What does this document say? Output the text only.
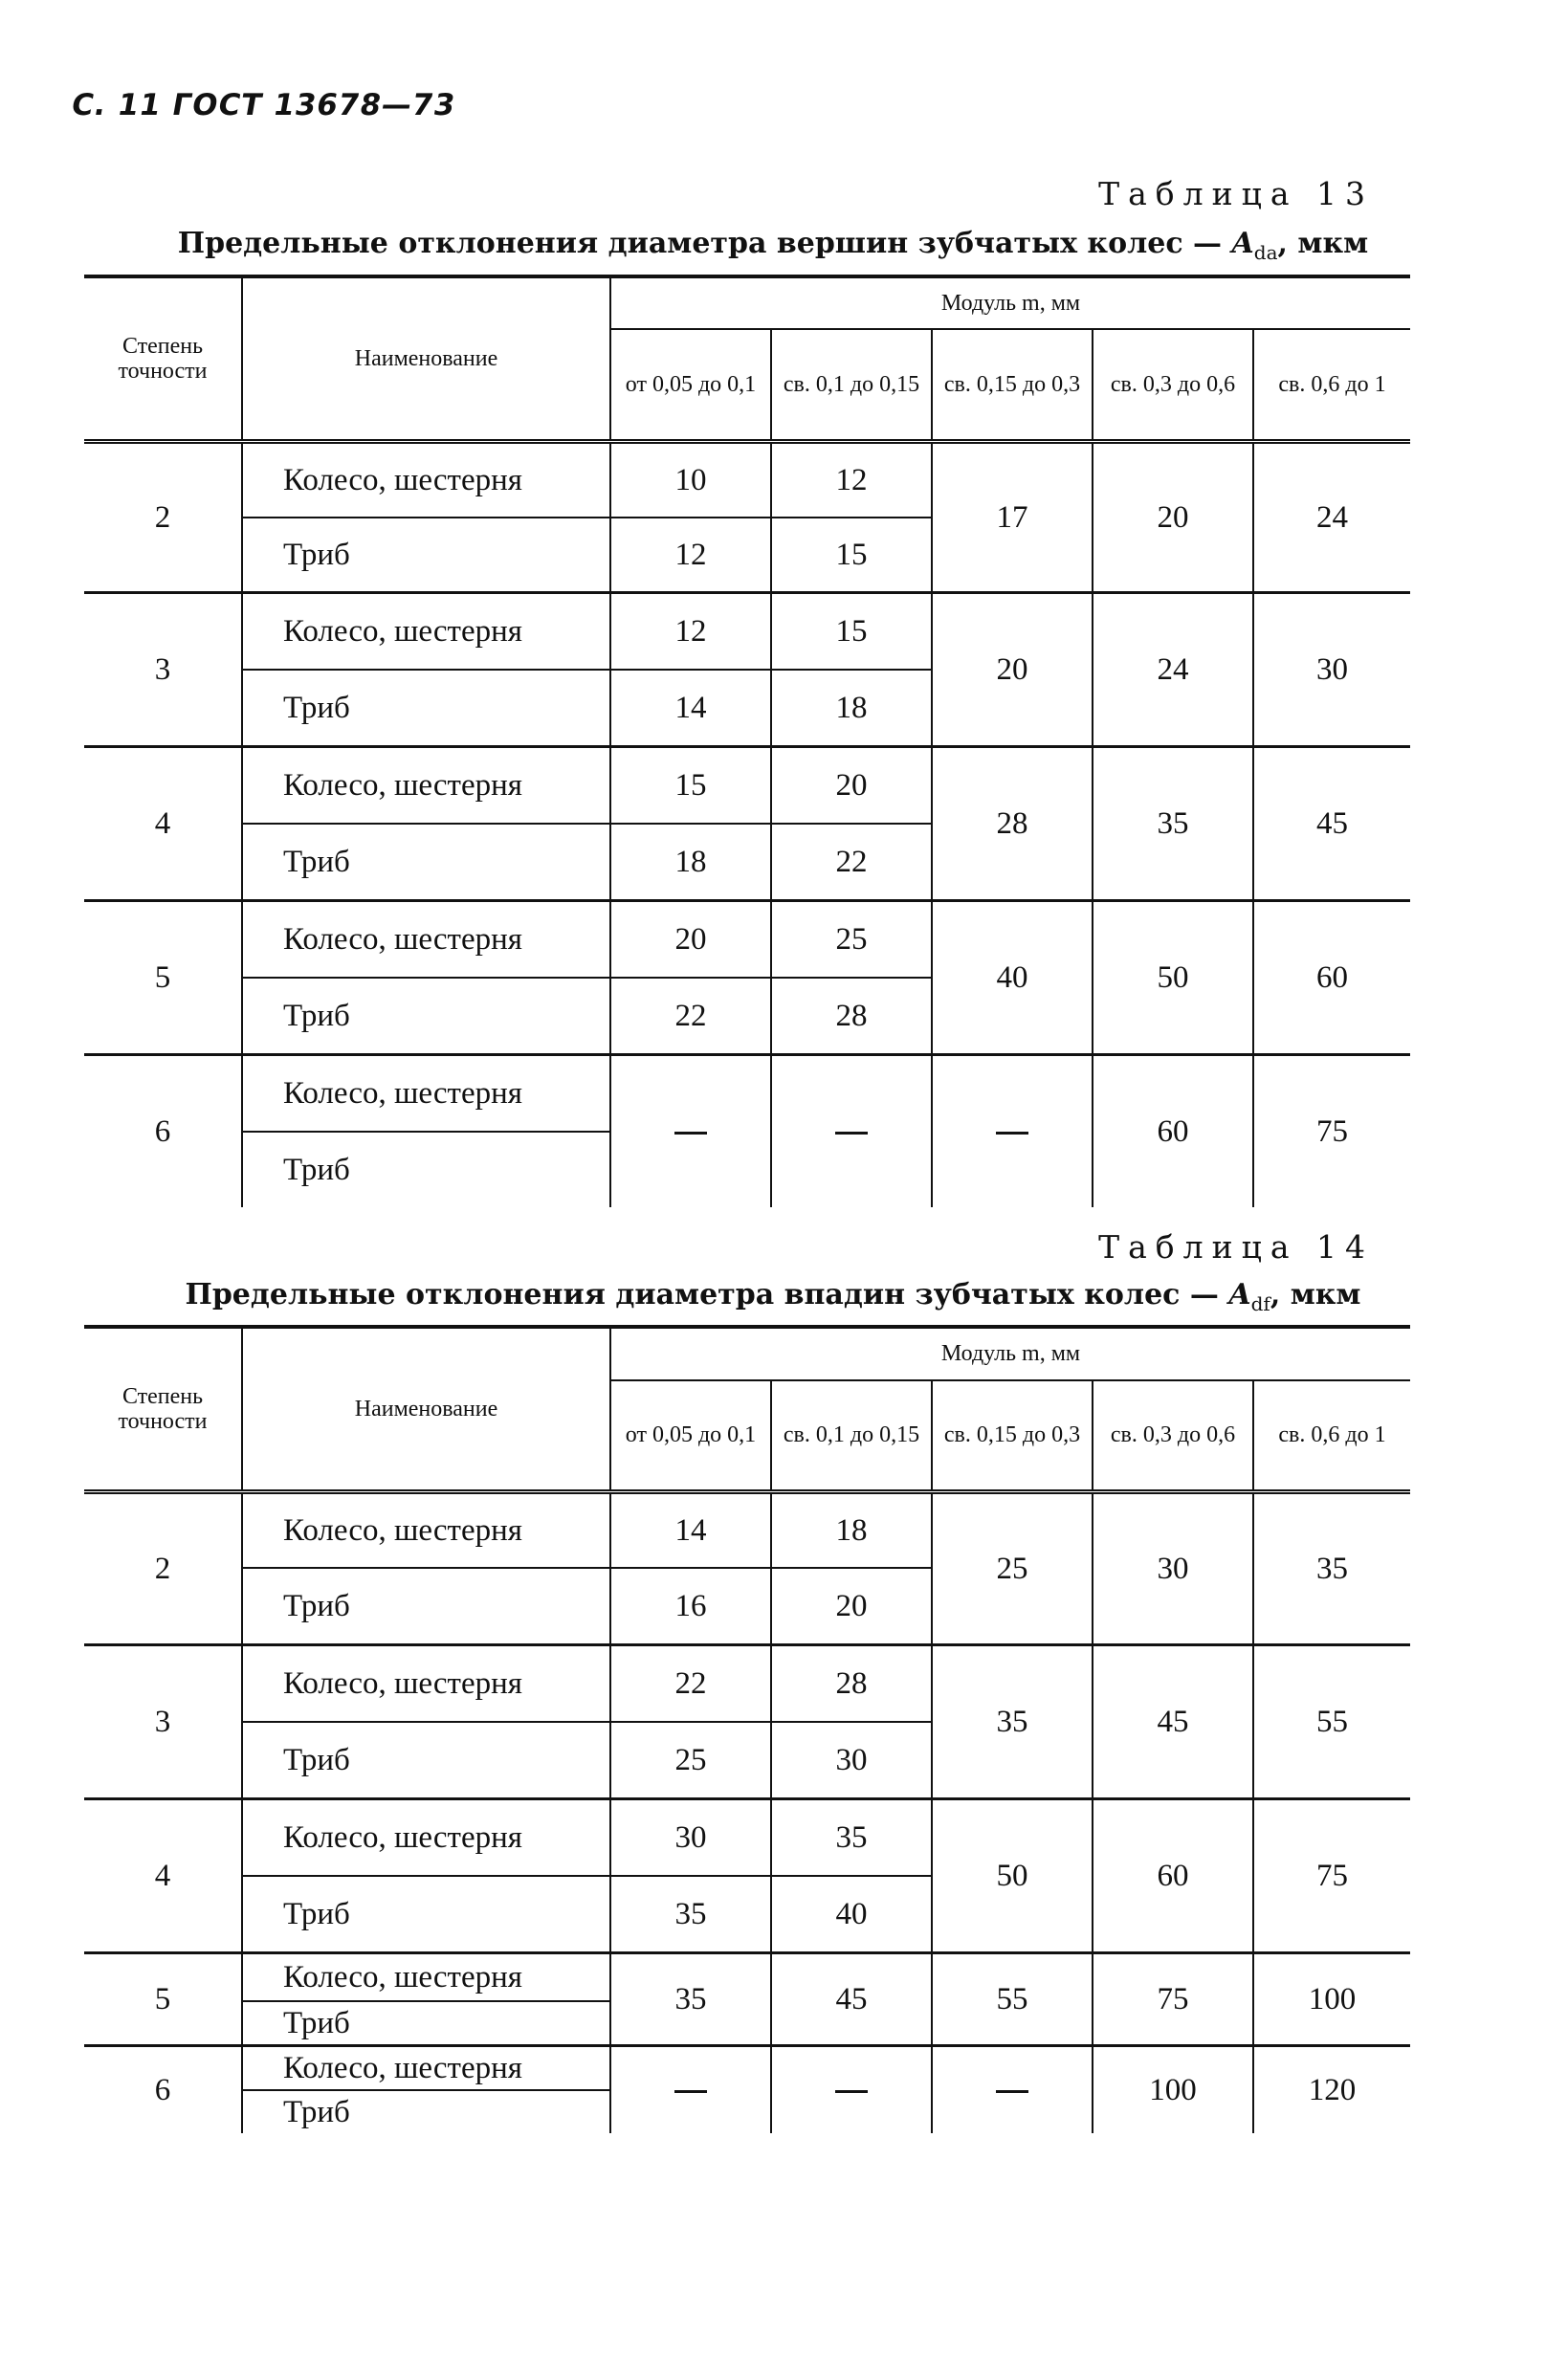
С. 11 ГОСТ 13678—73
Таблица 13
Предельные отклонения диаметра вершин зубчатых колес — $A_{da}$, мкм
Степень точности	Наименование	Модуль m, мм				
		от 0,05 до 0,1	св. 0,1 до 0,15	св. 0,15 до 0,3	св. 0,3 до 0,6	св. 0,6 до 1
2	Колесо, шестерня	10	12	17	20	24
	Триб	12	15			
3	Колесо, шестерня	12	15	20	24	30
	Триб	14	18			
4	Колесо, шестерня	15	20	28	35	45
	Триб	18	22			
5	Колесо, шестерня	20	25	40	50	60
	Триб	22	28			
6	Колесо, шестерня				60	75
	Триб					
Таблица 14
Предельные отклонения диаметра впадин зубчатых колес — $A_{df}$, мкм
Степень точности	Наименование	Модуль m, мм				
		от 0,05 до 0,1	св. 0,1 до 0,15	св. 0,15 до 0,3	св. 0,3 до 0,6	св. 0,6 до 1
2	Колесо, шестерня	14	18	25	30	35
	Триб	16	20			
3	Колесо, шестерня	22	28	35	45	55
	Триб	25	30			
4	Колесо, шестерня	30	35	50	60	75
	Триб	35	40			
5	Колесо, шестерня	35	45	55	75	100
	Триб					
6	Колесо, шестерня				100	120
	Триб					
